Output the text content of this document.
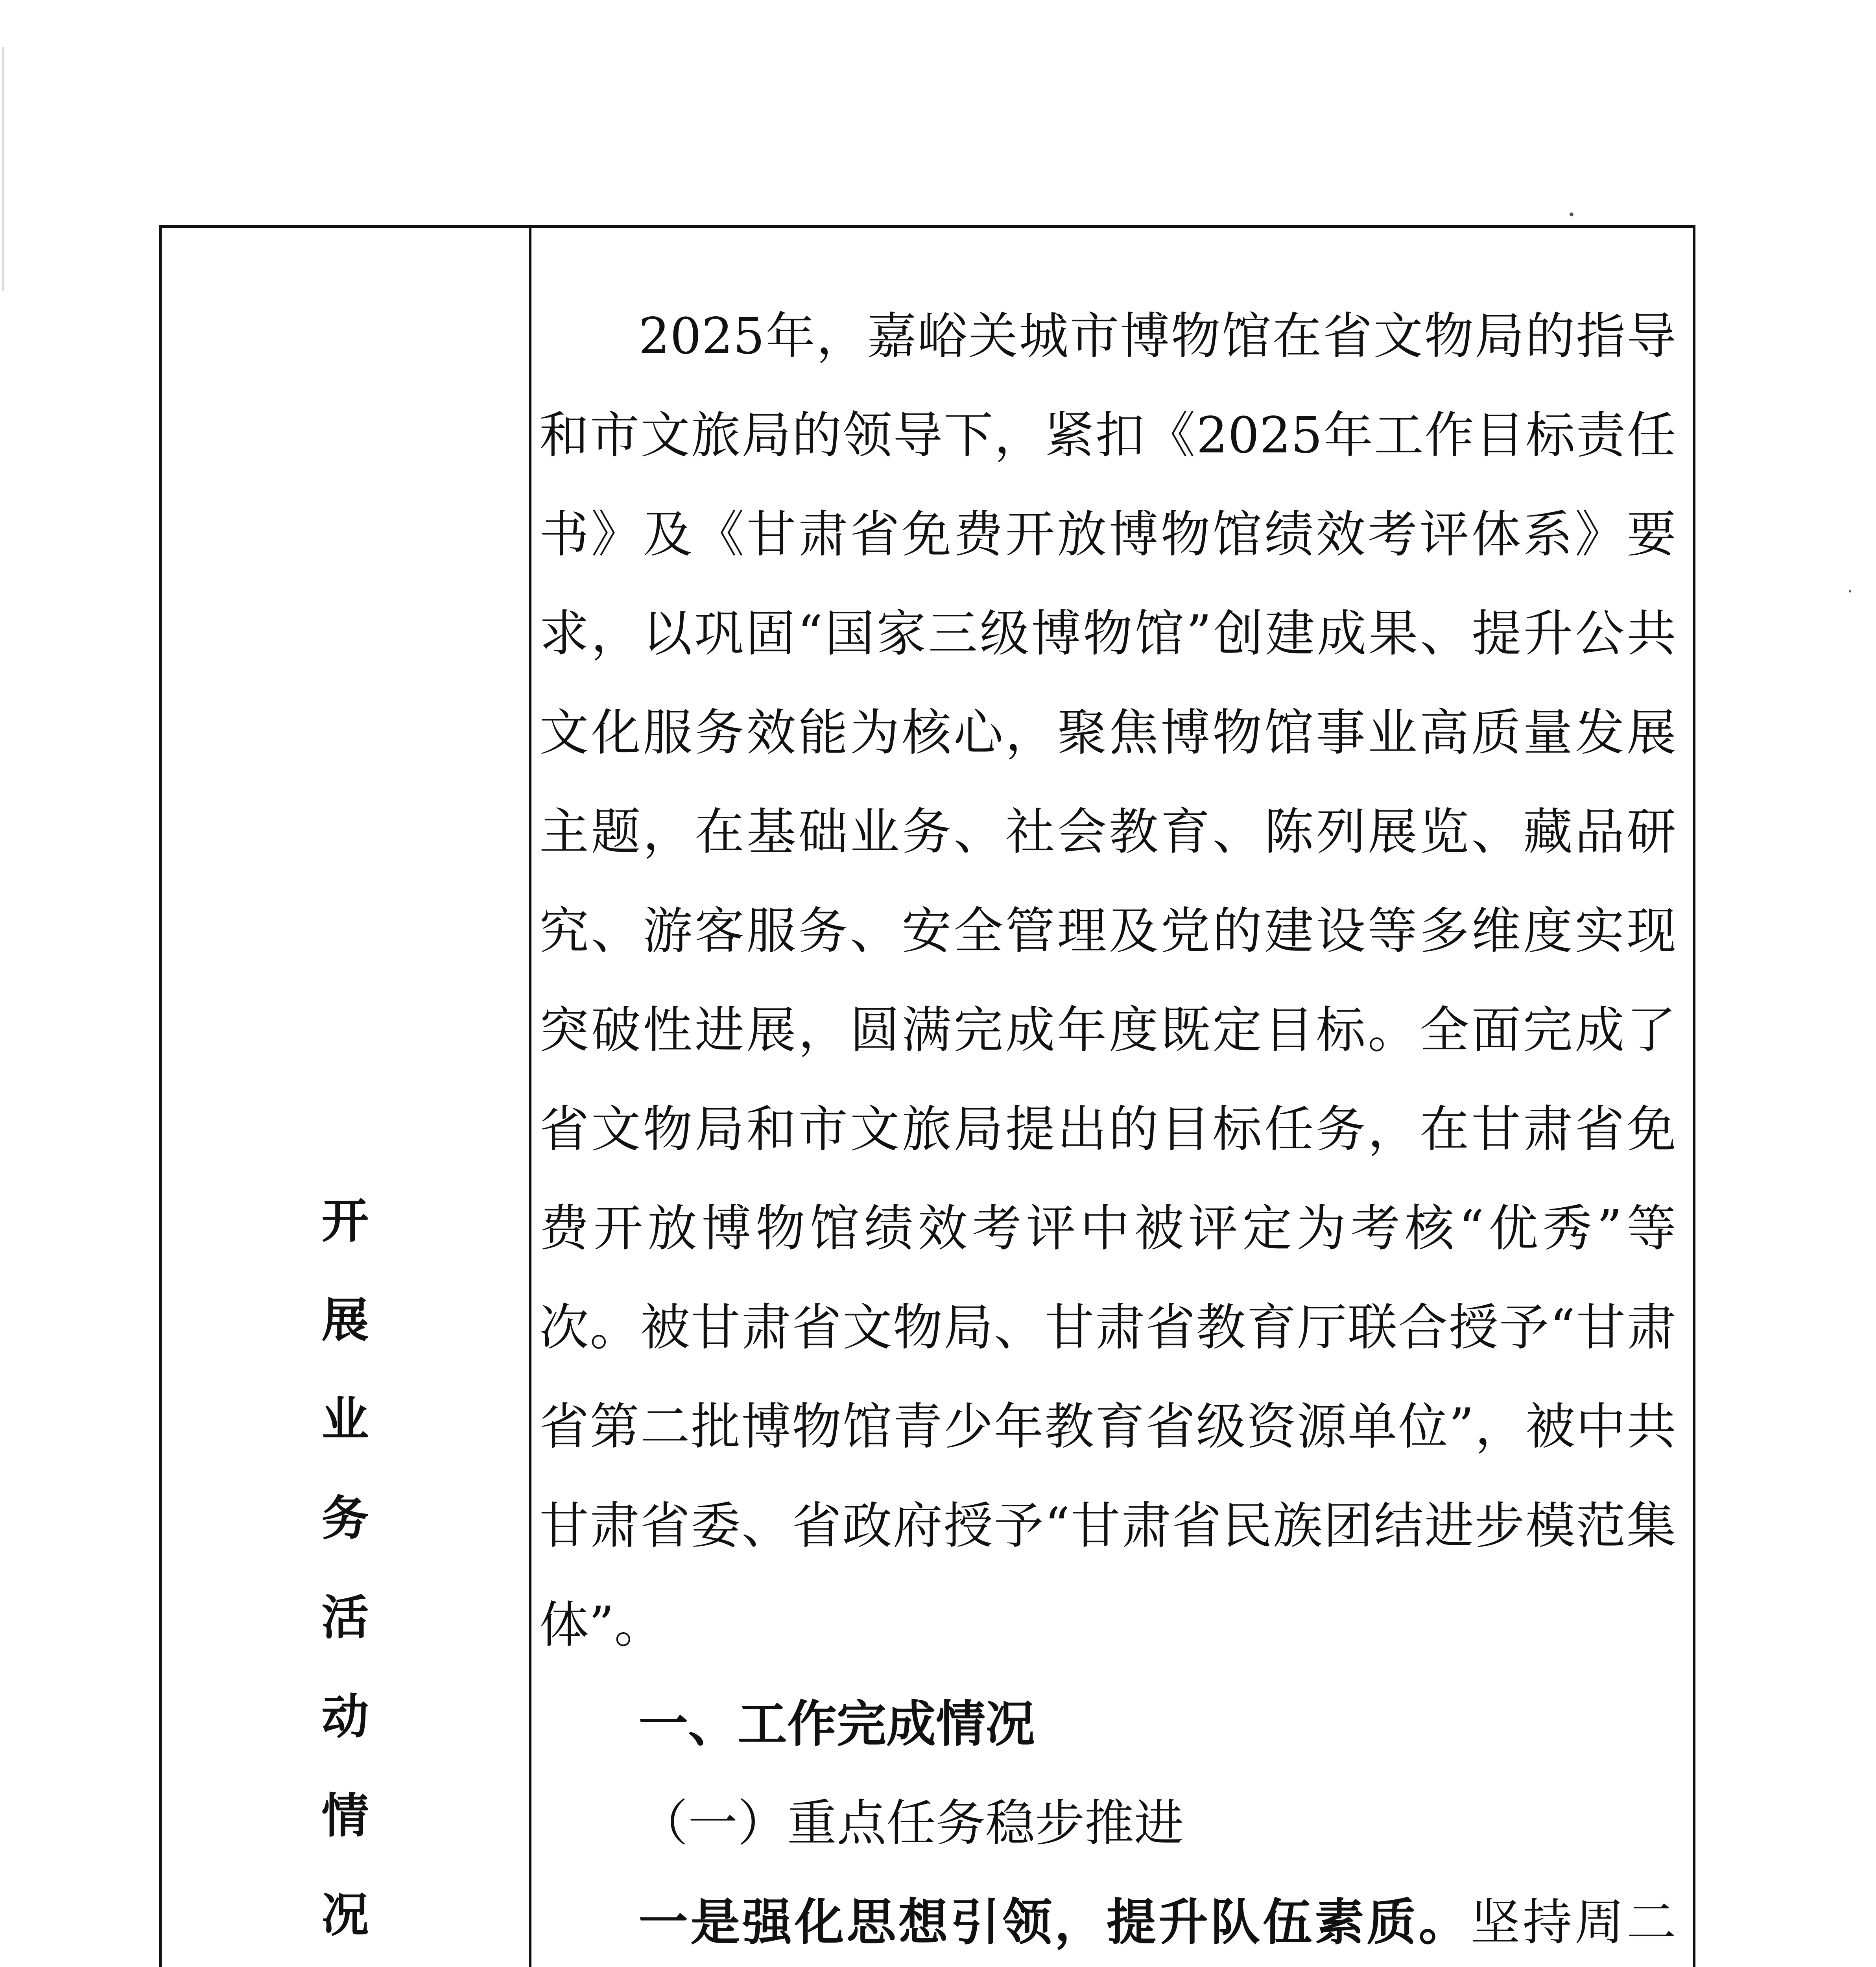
开
展
业
务
活
动
情
况

2025年，嘉峪关城市博物馆在省文物局的指导和市文旅局的领导下，紧扣《2025年工作目标责任书》及《甘肃省免费开放博物馆绩效考评体系》要求，以巩固“国家三级博物馆”创建成果、提升公共文化服务效能为核心，聚焦博物馆事业高质量发展主题，在基础业务、社会教育、陈列展览、藏品研究、游客服务、安全管理及党的建设等多维度实现突破性进展，圆满完成年度既定目标。全面完成了省文物局和市文旅局提出的目标任务，在甘肃省免费开放博物馆绩效考评中被评定为考核“优秀”等次。被甘肃省文物局、甘肃省教育厅联合授予“甘肃省第二批博物馆青少年教育省级资源单位”，被中共甘肃省委、省政府授予“甘肃省民族团结进步模范集体”。

一、工作完成情况

（一）重点任务稳步推进

一是强化思想引领，提升队伍素质。坚持周二
